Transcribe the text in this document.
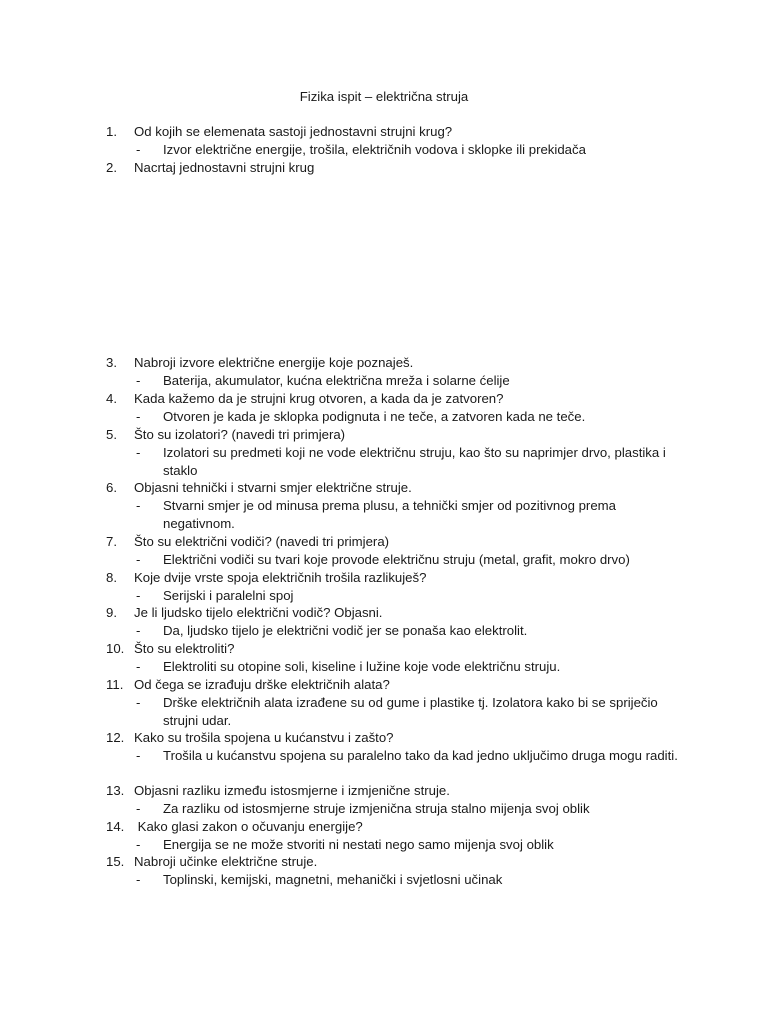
Fizika ispit – električna struja
1. Od kojih se elemenata sastoji jednostavni strujni krug?
-	Izvor električne energije, trošila, električnih vodova i sklopke ili prekidača
2. Nacrtaj jednostavni strujni krug
3. Nabroji izvore električne energije koje poznaješ.
-	Baterija, akumulator, kućna električna mreža i solarne ćelije
4. Kada kažemo da je strujni krug otvoren, a kada da je zatvoren?
-	Otvoren je kada je sklopka podignuta i ne teče, a zatvoren kada ne teče.
5. Što su izolatori? (navedi tri primjera)
-	Izolatori su predmeti koji ne vode električnu struju, kao što su naprimjer drvo, plastika i staklo
6. Objasni tehnički i stvarni smjer električne struje.
-	Stvarni smjer je od minusa prema plusu, a tehnički smjer od pozitivnog prema negativnom.
7. Što su električni vodiči? (navedi tri primjera)
-	Električni vodiči su tvari koje provode električnu struju (metal, grafit, mokro drvo)
8. Koje dvije vrste spoja električnih trošila razlikuješ?
-	Serijski i paralelni spoj
9. Je li ljudsko tijelo električni vodič? Objasni.
-	Da, ljudsko tijelo je električni vodič jer se ponaša kao elektrolit.
10. Što su elektroliti?
-	Elektroliti su otopine soli, kiseline i lužine koje vode električnu struju.
11. Od čega se izrađuju drške električnih alata?
-	Drške električnih alata izrađene su od gume i plastike tj. Izolatora kako bi se spriječio strujni udar.
12. Kako su trošila spojena u kućanstvu i zašto?
-	Trošila u kućanstvu spojena su paralelno tako da kad jedno uključimo druga mogu raditi.
13. Objasni razliku između istosmjerne i izmjenične struje.
-	Za razliku od istosmjerne struje izmjenična struja stalno mijenja svoj oblik
14. Kako glasi zakon o očuvanju energije?
-	Energija se ne može stvoriti ni nestati nego samo mijenja svoj oblik
15. Nabroji učinke električne struje.
-	Toplinski, kemijski, magnetni, mehanički i svjetlosni učinak
